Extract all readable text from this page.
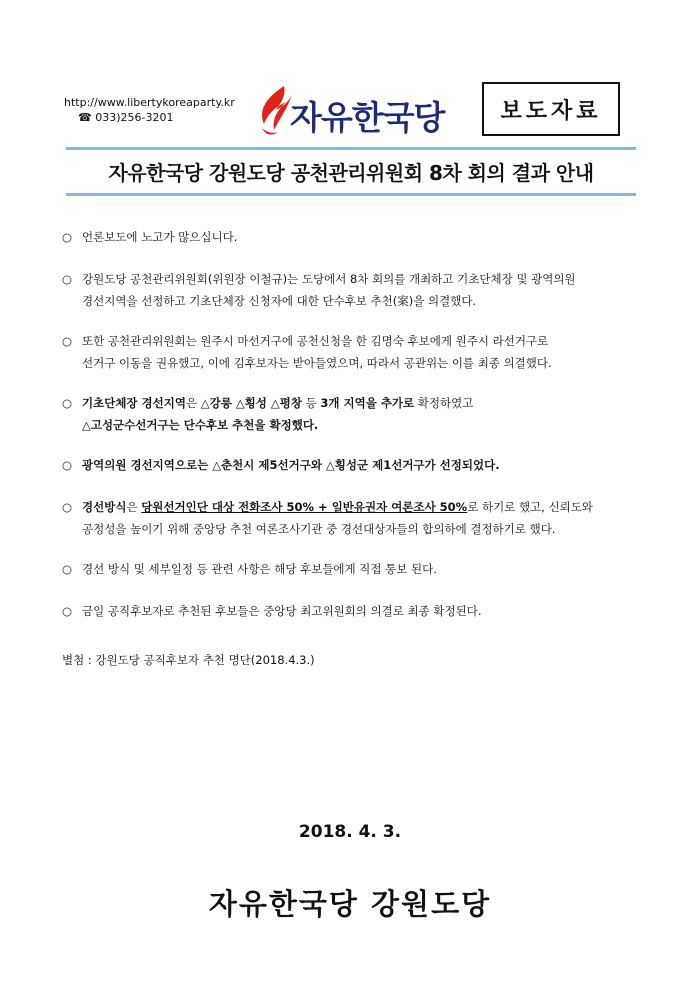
http://www.libertykoreaparty.kr
☎ 033)256-3201	자유한국당	보도자료
자유한국당 강원도당 공천관리위원회 8차 회의 결과 안내
○ 언론보도에 노고가 많으십니다.
○ 강원도당 공천관리위원회(위원장 이철규)는 도당에서 8차 회의를 개최하고 기초단체장 및 광역의원
경선지역을 선정하고 기초단체장 신청자에 대한 단수후보 추천(案)을 의결했다.
○ 또한 공천관리위원회는 원주시 마선거구에 공천신청을 한 김명숙 후보에게 원주시 라선거구로
선거구 이동을 권유했고, 이에 김후보자는 받아들였으며, 따라서 공관위는 이를 최종 의결했다.
○ 기초단체장 경선지역은 △강릉 △횡성 △평창 등 3개 지역을 추가로 확정하였고
△고성군수선거구는 단수후보 추천을 확정했다.
○ 광역의원 경선지역으로는 △춘천시 제5선거구와 △횡성군 제1선거구가 선정되었다.
○ 경선방식은 당원선거인단 대상 전화조사 50% + 일반유권자 여론조사 50%로 하기로 했고, 신뢰도와
공정성을 높이기 위해 중앙당 추천 여론조사기관 중 경선대상자들의 합의하에 결정하기로 했다.
○ 경선 방식 및 세부일정 등 관련 사항은 해당 후보들에게 직접 통보 된다.
○ 금일 공직후보자로 추천된 후보들은 중앙당 최고위원회의 의결로 최종 확정된다.
별첨 : 강원도당 공직후보자 추천 명단(2018.4.3.)
2018. 4. 3.
자유한국당 강원도당
